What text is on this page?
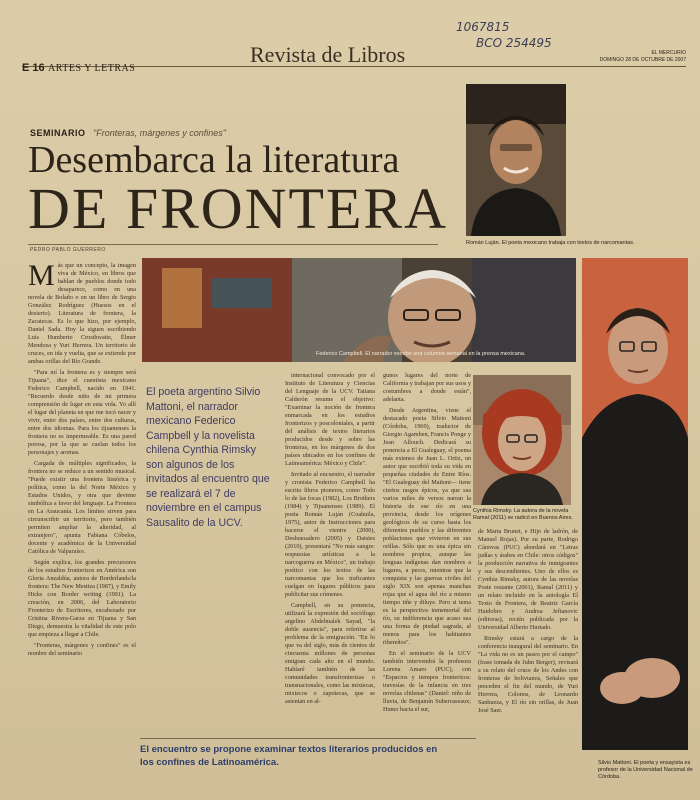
1067815
BCO 254495
E 16 ARTES Y LETRAS
Revista de Libros	EL MERCURIO
DOMINGO 28 DE OCTUBRE DE 2007
SEMINARIO "Fronteras, márgenes y confines"
Desembarca la literatura
DE FRONTERA
PEDRO PABLO GUERRERO
Román Luján. El poeta mexicano trabaja con textos de narcomantas.
Federico Campbell. El narrador escribe una columna semanal en la prensa mexicana.
Cynthia Rimsky. La autora de la novela Ramal (2011) se radicó en Buenos Aires.
Silvio Mattoni. El poeta y ensayista es profesor de la Universidad Nacional de Córdoba.

Más que un concepto, la imagen viva de México, en libros que hablan de pueblos donde todo desaparece, como en una novela de Bolaño o en un libro de Sergio González Rodríguez (Huesos en el desierto). Literatura de frontera, la Zacatecas. Es lo que hizo, por ejemplo, Daniel Sada. Hoy la siguen escribiendo Luis Humberto Crosthwaite, Élmer Mendoza y Yuri Herrera. Un territorio de cruces, en ida y vuelta, que se extiende por ambas orillas del Río Grande.

"Para mí la frontera es y siempre será Tijuana", dice el cuentista mexicano Federico Campbell, nacido en 1941. "Recuerdo desde niño de mi primera comprensión de lugar en esta vida. Yo allí el lugar del planeta en que me tocó nacer y vivir, entre dos países, entre dos culturas, entre dos idiomas. Para los tijuanenses la frontera no es impermeable. Es una pared porosa, por la que se cuelan todos los personajes y aromas.

Cargada de múltiples significados, la frontera no se reduce a un sentido musical. "Puede existir una frontera histórica y política, como la del Norte México y Estados Unidos, y otra que deviene simbólica a favor del lenguaje. La Frontera en La Araucanía. Los límites sirven para circunscribir un territorio, pero también permiten ampliar la alteridad, al extranjero", apunta Fabiana Cóbelos, docente y académica de la Universidad Católica de Valparaíso.

Según explica, los grandes precursores de los estudios fronterizos en América son Gloria Anzaldúa, autora de Borderlands/la frontera: The New Mestiza (1987), y Emily Hicks con Border writing (1991). La creación, en 2006, del Laboratorio Fronterizo de Escritores, encabezado por Cristina Rivera-Garza en Tijuana y San Diego, demuestra la vitalidad de este polo que empieza a llegar a Chile.

"Fronteras, márgenes y confines" es el nombre del seminario

El poeta argentino Silvio Mattoni, el narrador mexicano Federico Campbell y la novelista chilena Cynthia Rimsky son algunos de los invitados al encuentro que se realizará el 7 de noviembre en el campus Sausalito de la UCV.

internacional convocado por el Instituto de Literatura y Ciencias del Lenguaje de la UCV. Tatiana Calderón resume el objetivo: "Examinar la noción de frontera enmarcada en los estudios fronterizos y poscoloniales, a partir del análisis de textos literarios producidos desde y sobre las fronteras, en los márgenes de dos países ubicados en los confines de Latinoamérica: México y Chile".

Invitado al encuentro, el narrador y cronista Federico Campbell ha escrito libros pioneros, como Todo lo de las focas (1982), Los Brothers (1984) y Tijuanenses (1989). El poeta Román Luján (Coahuila, 1975), autor de Instrucciones para hacerse el vientre (2000), Deshuesadero (2005) y Daisies (2010), presentará "No más sangre: respuestas artísticas a la narcoguerra en México", un trabajo poético con los textos de las narcomantas que los traficantes cuelgan en lugares públicos para publicitar sus crímenes.

Campbell, en su ponencia, utilizará la expresión del sociólogo argelino Abdelmalek Sayad, "la doble ausencia", para referirse al problema de la emigración. "En lo que va del siglo, más de cientos de cincuenta millones de personas emigran cada año en el mundo. Hablaré también de las comunidades transfronterizas o transnacionales, como las mixtecas, mixtecos o zapotecas, que se asientan en al-

gunos lugares del norte de California y trabajan por sus usos y costumbres a donde están", adelanta.

Desde Argentina, viene el destacado poeta Silvio Mattoni (Córdoba, 1969), traductor de Giorgio Agamben, Francis Ponge y Jean Allouch. Dedicará su ponencia a El Gualeguay, el poema más extenso de Juan L. Ortiz, un autor que escribió toda su vida en pequeñas ciudades de Entre Ríos. "El Gualeguay del Mattoni— tiene ciertos rasgos épicos, ya que sus varios miles de versos narran la historia de ese río en una provincia, desde los orígenes geológicos de su curso hasta los diferentes pueblos y las diferentes poblaciones que vivieron en sus orillas. Sólo que es una épica sin nombres propios, aunque las lenguas indígenas dan nombres a lugares, a peces, mientras que la conquista y las guerras civiles del siglo XIX son apenas manchas rojas que el agua del río a mismo tiempo tiñe y diluye. Pero si tema es la perspectiva inmemorial del río, su indiferencia que acaso sea una forma de piedad sagrada, al menos para los habitantes ribereños".

En el seminario de la UCV también intervendrá la profesora Lorena Amaro (PUC), con "Espacios y tiempos fronterizos: travesías de la infancia en tres novelas chilenas" (Daniel: niño de lluvia, de Benjamín Subercaseaux; Humo hacia el sur,

de Marta Brunet, e Hijo de ladrón, de Manuel Rojas). Por su parte, Rodrigo Cánovas (PUC) abordará en "Letras judías y árabes en Chile: otros códigos" la producción narrativa de inmigrantes y sus descendientes. Uno de ellos es Cynthia Rimsky, autora de las novelas Poste restante (2001), Ramal (2011) y un relato incluido en la antología El Texto de Frontera, de Beatriz García Huidobro y Andrea Jeftanovic (editoras), recién publicada por la Universidad Alberto Hurtado.

Rimsky estará a cargo de la conferencia inaugural del seminario. En "La vida no es un paseo por el campo" (frase tomada de Juhn Berger), revisará a su relato del cruce de los Andes con fronteras de bolivianos, Señales que preceden el fin del mundo, de Yuri Herrera, Colonos, de Leonardo Sanhueza, y El río sin orillas, de Juan José Saer.

El encuentro se propone examinar textos literarios producidos en los confines de Latinoamérica.
